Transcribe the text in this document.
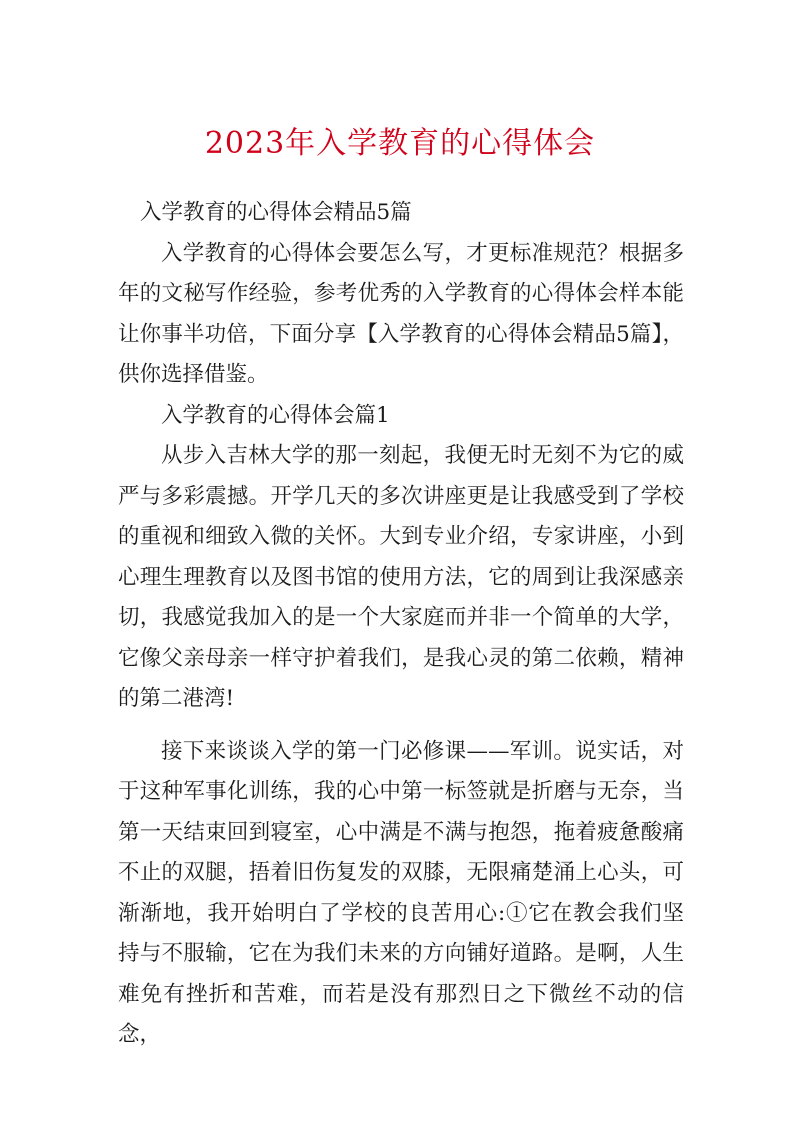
2023年入学教育的心得体会

入学教育的心得体会精品5篇

入学教育的心得体会要怎么写，才更标准规范？根据多年的文秘写作经验，参考优秀的入学教育的心得体会样本能让你事半功倍，下面分享【入学教育的心得体会精品5篇】，供你选择借鉴。

入学教育的心得体会篇1

从步入吉林大学的那一刻起，我便无时无刻不为它的威严与多彩震撼。开学几天的多次讲座更是让我感受到了学校的重视和细致入微的关怀。大到专业介绍，专家讲座，小到心理生理教育以及图书馆的使用方法，它的周到让我深感亲切，我感觉我加入的是一个大家庭而并非一个简单的大学，它像父亲母亲一样守护着我们，是我心灵的第二依赖，精神的第二港湾!

接下来谈谈入学的第一门必修课——军训。说实话，对于这种军事化训练，我的心中第一标签就是折磨与无奈，当第一天结束回到寝室，心中满是不满与抱怨，拖着疲惫酸痛不止的双腿，捂着旧伤复发的双膝，无限痛楚涌上心头，可渐渐地，我开始明白了学校的良苦用心:①它在教会我们坚持与不服输，它在为我们未来的方向铺好道路。是啊，人生难免有挫折和苦难，而若是没有那烈日之下微丝不动的信念，
